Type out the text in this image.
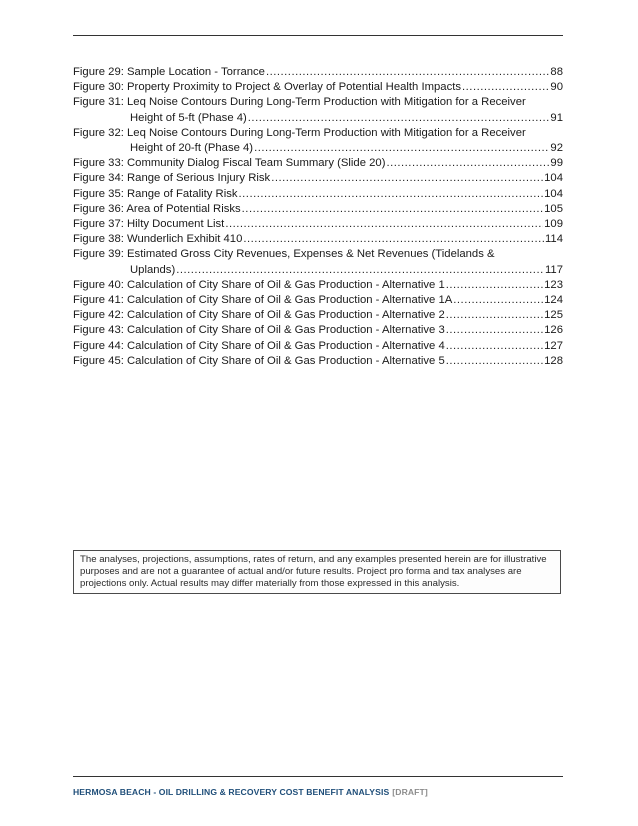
Figure 29: Sample Location - Torrance .....	88
Figure 30: Property Proximity to Project & Overlay of Potential Health Impacts .....	90
Figure 31: Leq Noise Contours During Long-Term Production with Mitigation for a Receiver
Height of 5-ft (Phase 4) .....	91
Figure 32: Leq Noise Contours During Long-Term Production with Mitigation for a Receiver
Height of 20-ft (Phase 4) .....	92
Figure 33: Community Dialog Fiscal Team Summary (Slide 20) .....	99
Figure 34: Range of Serious Injury Risk .....	104
Figure 35: Range of Fatality Risk .....	104
Figure 36: Area of Potential Risks .....	105
Figure 37: Hilty Document List .....	109
Figure 38: Wunderlich Exhibit 410 .....	114
Figure 39: Estimated Gross City Revenues, Expenses & Net Revenues (Tidelands &
Uplands) .....	117
Figure 40: Calculation of City Share of Oil & Gas Production - Alternative 1 .....	123
Figure 41: Calculation of City Share of Oil & Gas Production - Alternative 1A .....	124
Figure 42: Calculation of City Share of Oil & Gas Production - Alternative 2 .....	125
Figure 43: Calculation of City Share of Oil & Gas Production - Alternative 3 .....	126
Figure 44: Calculation of City Share of Oil & Gas Production - Alternative 4 .....	127
Figure 45: Calculation of City Share of Oil & Gas Production - Alternative 5 .....	128
The analyses, projections, assumptions, rates of return, and any examples presented herein are for illustrative purposes and are not a guarantee of actual and/or future results. Project pro forma and tax analyses are projections only. Actual results may differ materially from those expressed in this analysis.
HERMOSA BEACH - OIL DRILLING & RECOVERY COST BENEFIT ANALYSIS [DRAFT]
